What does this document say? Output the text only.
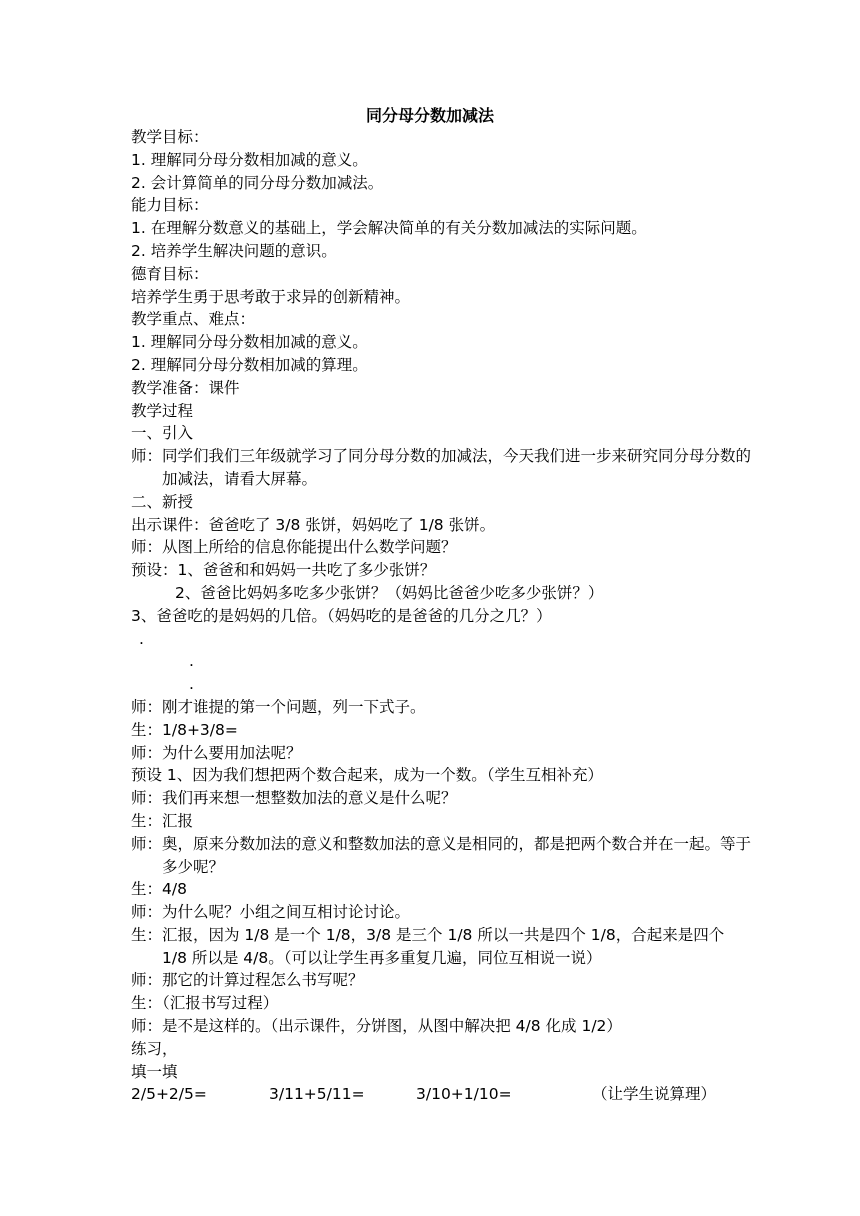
同分母分数加减法
教学目标：
1. 理解同分母分数相加减的意义。
2. 会计算简单的同分母分数加减法。
能力目标：
1. 在理解分数意义的基础上，学会解决简单的有关分数加减法的实际问题。
2. 培养学生解决问题的意识。
德育目标：
培养学生勇于思考敢于求异的创新精神。
教学重点、难点：
1. 理解同分母分数相加减的意义。
2. 理解同分母分数相加减的算理。
教学准备：课件
教学过程
一、引入
师：同学们我们三年级就学习了同分母分数的加减法，今天我们进一步来研究同分母分数的加减法，请看大屏幕。
二、新授
出示课件：爸爸吃了 3/8 张饼，妈妈吃了 1/8 张饼。
师：从图上所给的信息你能提出什么数学问题？
预设：1、爸爸和和妈妈一共吃了多少张饼？
2、爸爸比妈妈多吃多少张饼？（妈妈比爸爸少吃多少张饼？）
3、爸爸吃的是妈妈的几倍。（妈妈吃的是爸爸的几分之几？）
.
.
.
师：刚才谁提的第一个问题，列一下式子。
生：1/8+3/8=
师：为什么要用加法呢？
预设 1、因为我们想把两个数合起来，成为一个数。（学生互相补充）
师：我们再来想一想整数加法的意义是什么呢？
生：汇报
师：奥，原来分数加法的意义和整数加法的意义是相同的，都是把两个数合并在一起。等于多少呢？
生：4/8
师：为什么呢？小组之间互相讨论讨论。
生：汇报，因为 1/8 是一个 1/8，3/8 是三个 1/8 所以一共是四个 1/8，合起来是四个 1/8 所以是 4/8。（可以让学生再多重复几遍，同位互相说一说）
师：那它的计算过程怎么书写呢？
生：（汇报书写过程）
师：是不是这样的。（出示课件，分饼图，从图中解决把 4/8 化成 1/2）
练习，
填一填
2/5+2/5=	3/11+5/11=	3/10+1/10=	（让学生说算理）
